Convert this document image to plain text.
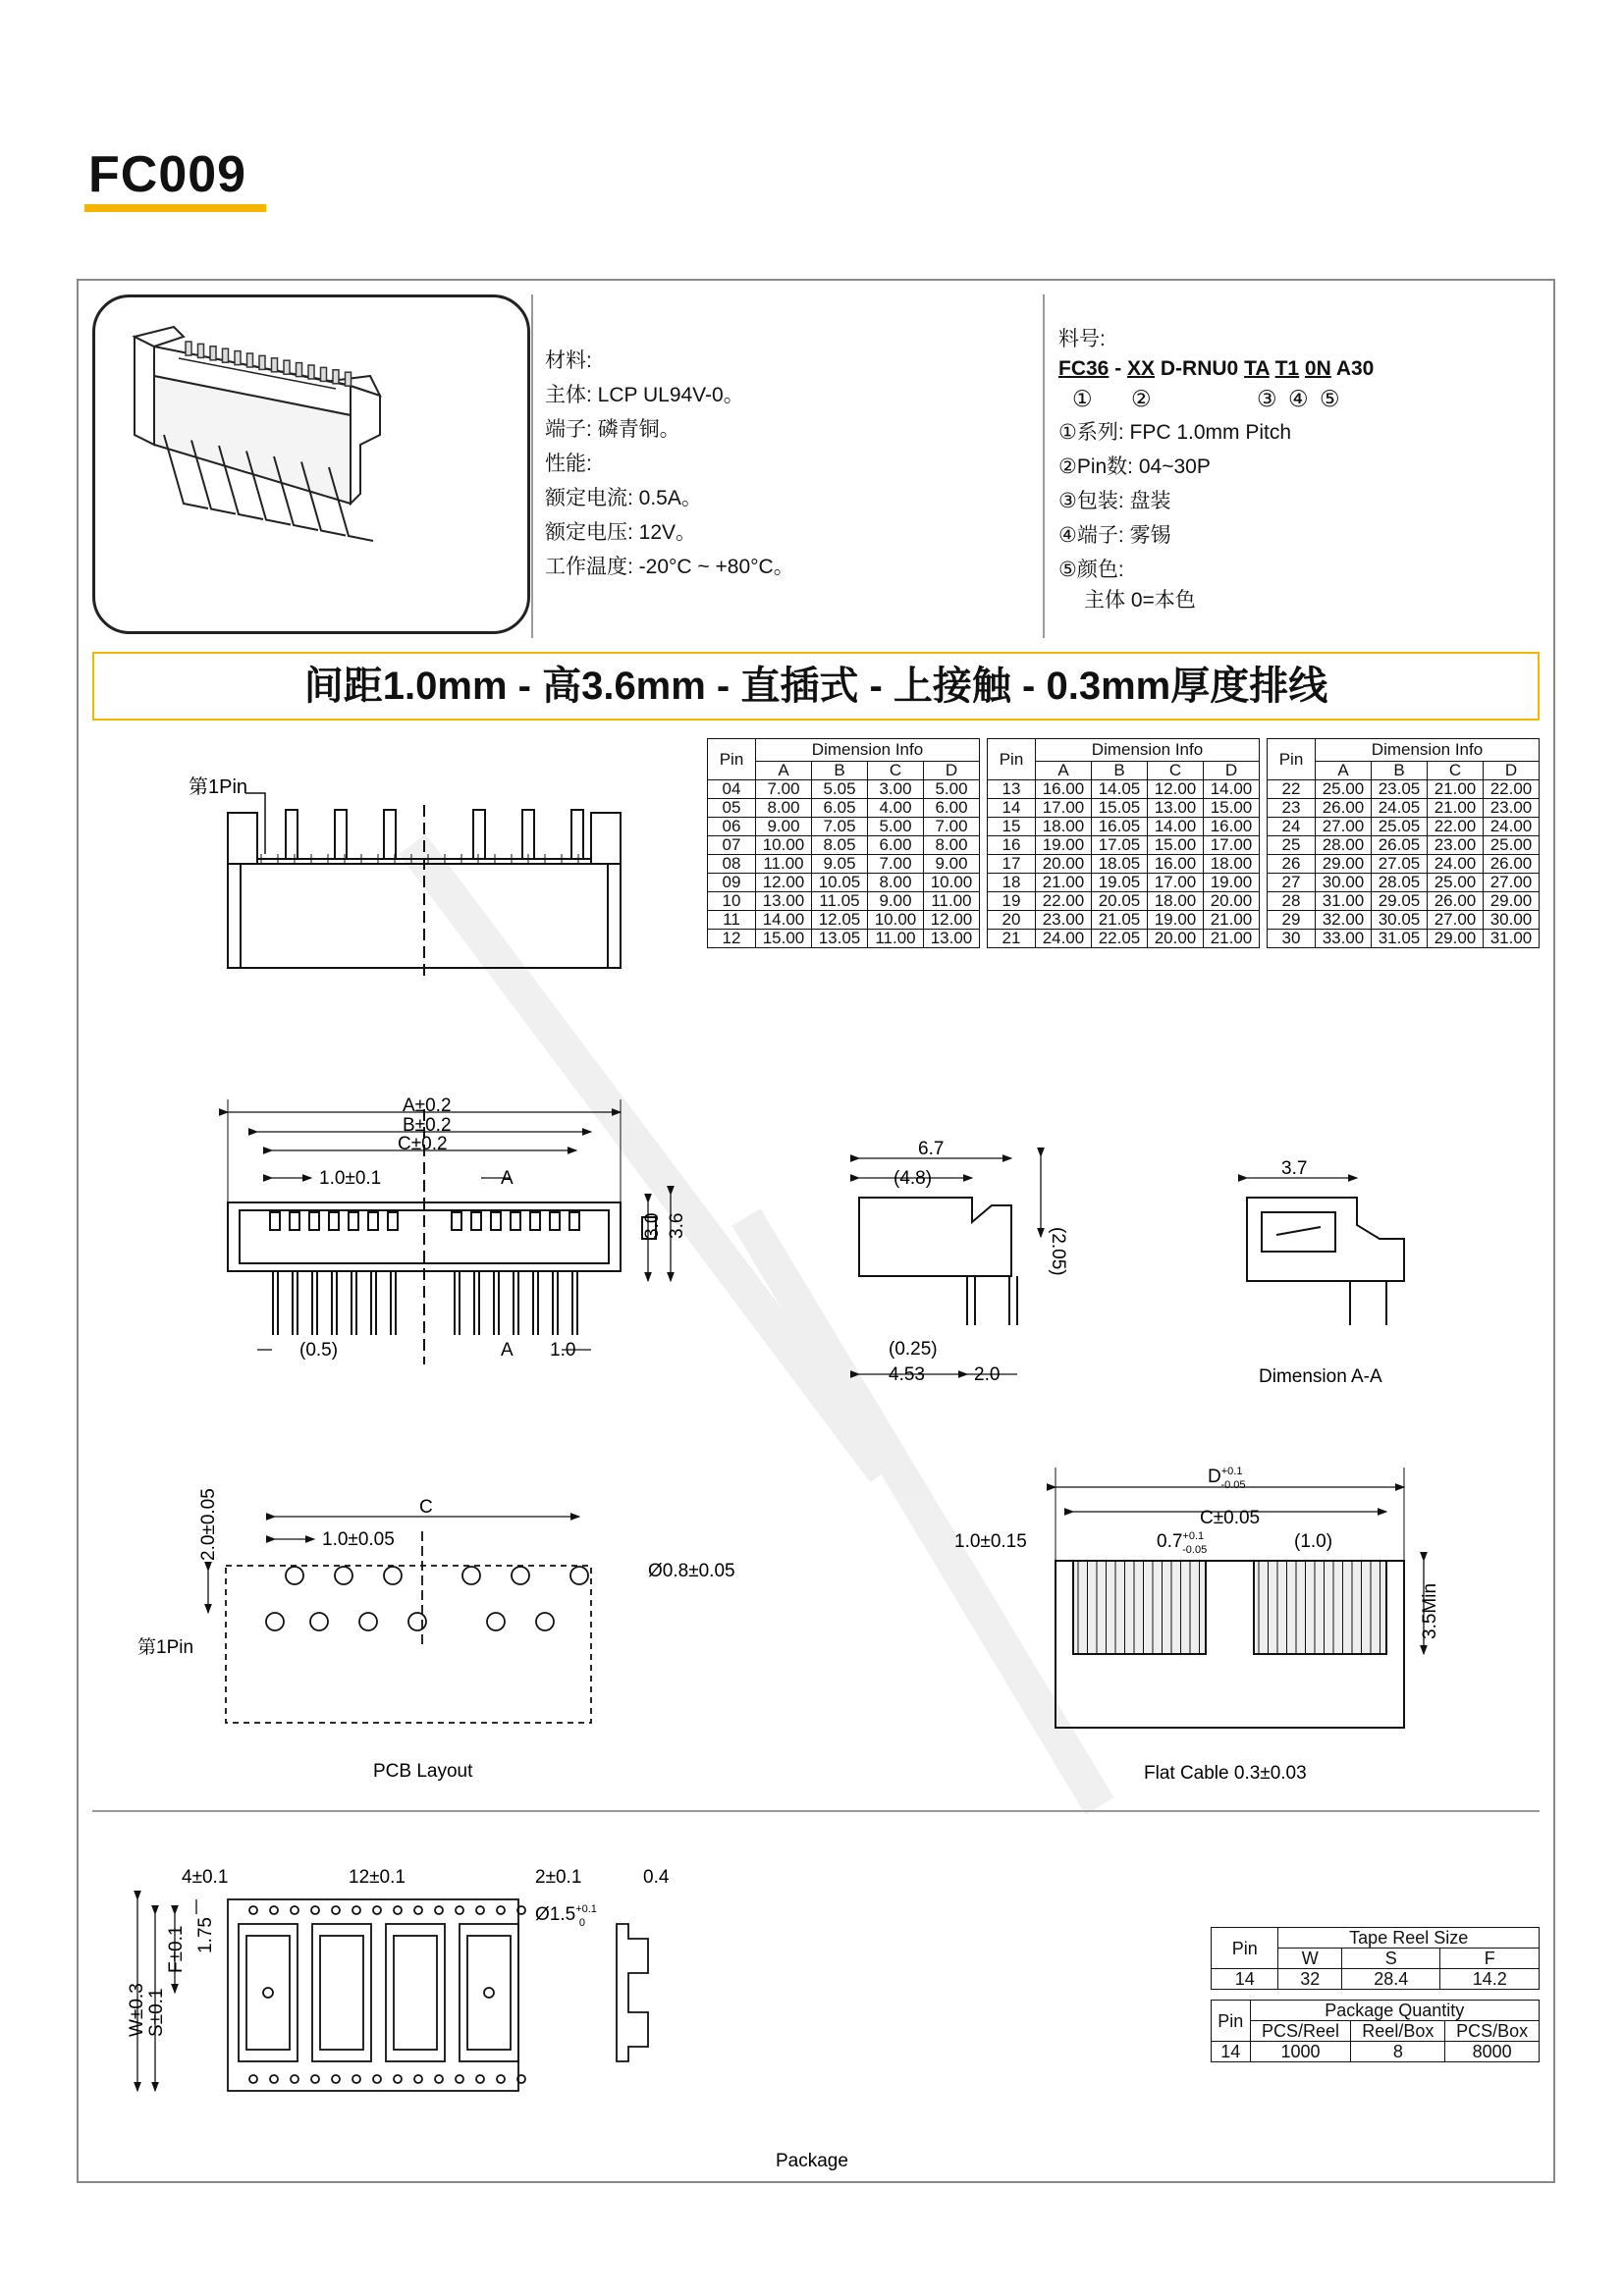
FC009
材料:
主体: LCP UL94V-0。
端子: 磷青铜。
性能:
额定电流: 0.5A。
额定电压: 12V。
工作温度: -20°C ~ +80°C。
料号:
FC36 - XX D-RNU0 TA T1 0N A30
① ②	③ ④ ⑤
①系列: FPC 1.0mm Pitch
②Pin数: 04~30P
③包装: 盘装
④端子: 雾锡
⑤颜色:
主体 0=本色
间距1.0mm - 高3.6mm - 直插式 - 上接触 - 0.3mm厚度排线
Pin	Dimension Info			
	A	B	C	D
04	7.00	5.05	3.00	5.00
05	8.00	6.05	4.00	6.00
06	9.00	7.05	5.00	7.00
07	10.00	8.05	6.00	8.00
08	11.00	9.05	7.00	9.00
09	12.00	10.05	8.00	10.00
10	13.00	11.05	9.00	11.00
11	14.00	12.05	10.00	12.00
12	15.00	13.05	11.00	13.00
Pin	Dimension Info			
	A	B	C	D
13	16.00	14.05	12.00	14.00
14	17.00	15.05	13.00	15.00
15	18.00	16.05	14.00	16.00
16	19.00	17.05	15.00	17.00
17	20.00	18.05	16.00	18.00
18	21.00	19.05	17.00	19.00
19	22.00	20.05	18.00	20.00
20	23.00	21.05	19.00	21.00
21	24.00	22.05	20.00	21.00
Pin	Dimension Info			
	A	B	C	D
22	25.00	23.05	21.00	22.00
23	26.00	24.05	21.00	23.00
24	27.00	25.05	22.00	24.00
25	28.00	26.05	23.00	25.00
26	29.00	27.05	24.00	26.00
27	30.00	28.05	25.00	27.00
28	31.00	29.05	26.00	29.00
29	32.00	30.05	27.00	30.00
30	33.00	31.05	29.00	31.00
第1Pin
A±0.2
B±0.2
C±0.2
1.0±0.1	A
3.0 3.6
(0.5)	A 1.0
6.7
(4.8)
(2.05)
(0.25)
4.53	2.0
3.7
Dimension A-A
C
1.0±0.05
2.0±0.05
Ø0.8±0.05
第1Pin
PCB Layout
$D^{+0.1}$ -0.05
C±0.05
1.0±0.15	$0.7^{+0.1}$ -0.05	(1.0)
3.5Min
Flat Cable 0.3±0.03
4±0.1	12±0.1	2±0.1	0.4
$Ø1.5^{+0.1}$ 0
W±0.3 S±0.1
F±0.1 1.75
Package
Pin	Tape Reel Size		
	W	S	F
14	32	28.4	14.2
Pin	Package Quantity		
	PCS/Reel	Reel/Box	PCS/Box
14	1000	8	8000
